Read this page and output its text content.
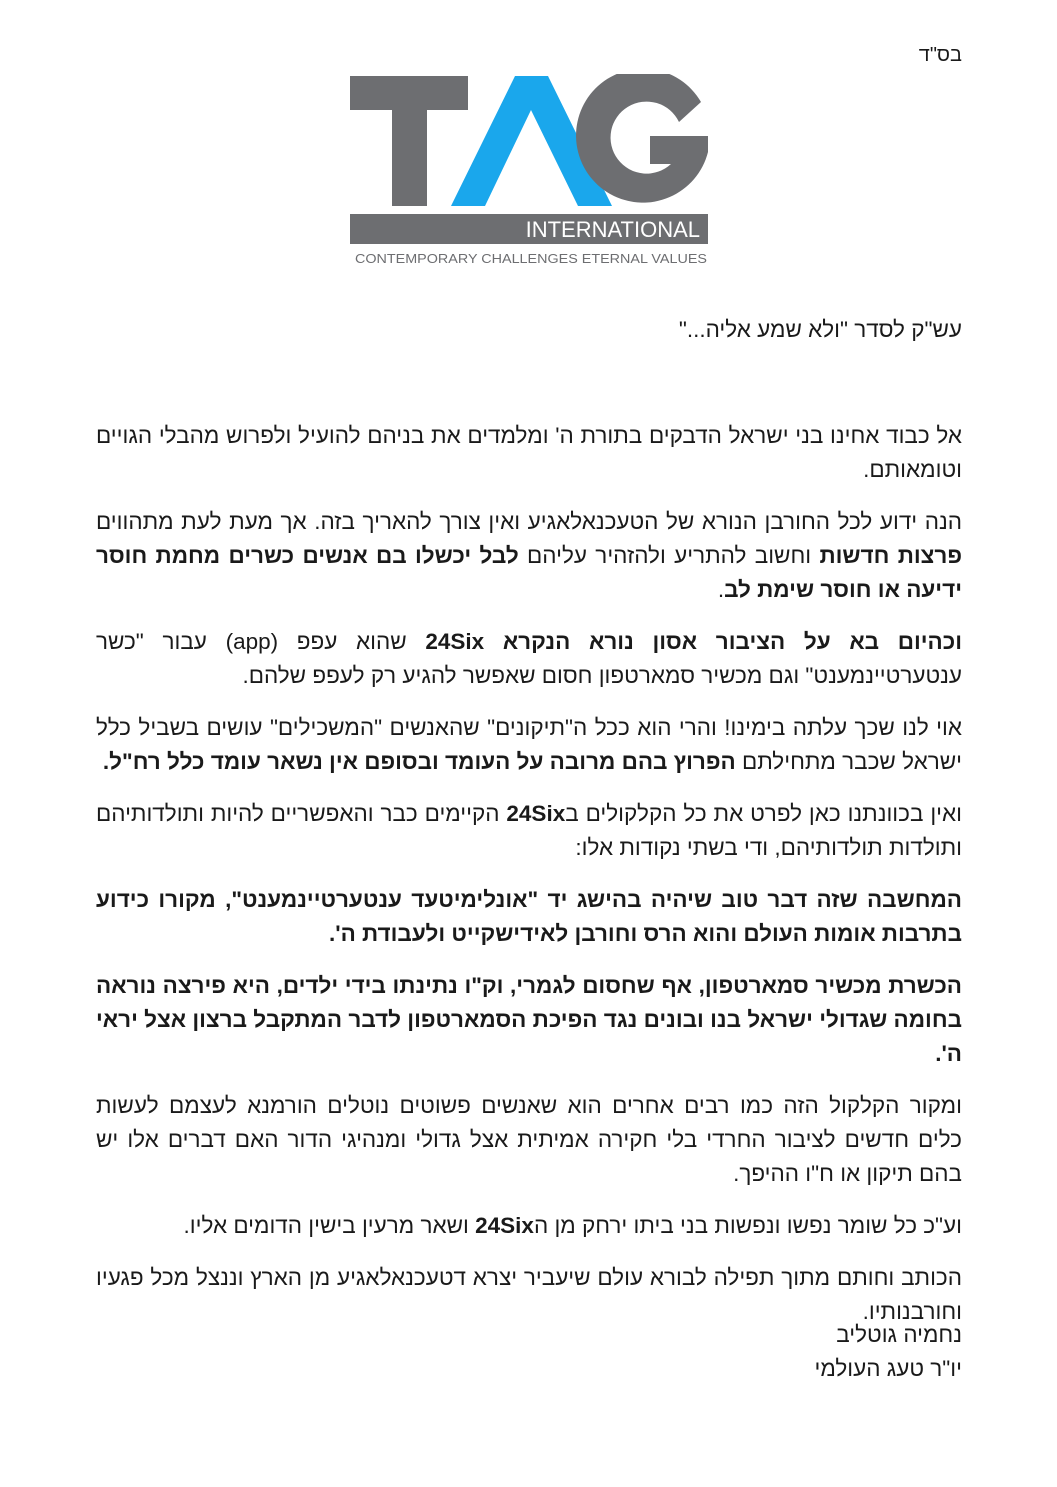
בס"ד
INTERNATIONAL
CONTEMPORARY CHALLENGES ETERNAL VALUES

עש"ק לסדר "ולא שמע אליה..."

אל כבוד אחינו בני ישראל הדבקים בתורת ה' ומלמדים את בניהם להועיל ולפרוש מהבלי הגויים וטומאותם.

הנה ידוע לכל החורבן הנורא של הטעכנאלאגיע ואין צורך להאריך בזה. אך מעת לעת מתהווים פרצות חדשות וחשוב להתריע ולהזהיר עליהם לבל יכשלו בם אנשים כשרים מחמת חוסר ידיעה או חוסר שימת לב.

וכהיום בא על הציבור אסון נורא הנקרא 24Six שהוא עפפ (app) עבור "כשר ענטערטיינמענט" וגם מכשיר סמארטפון חסום שאפשר להגיע רק לעפפ שלהם.

אוי לנו שכך עלתה בימינו! והרי הוא ככל ה"תיקונים" שהאנשים "המשכילים" עושים בשביל כלל ישראל שכבר מתחילתם הפרוץ בהם מרובה על העומד ובסופם אין נשאר עומד כלל רח"ל.

ואין בכוונתנו כאן לפרט את כל הקלקולים ב24Six הקיימים כבר והאפשריים להיות ותולדותיהם ותולדות תולדותיהם, ודי בשתי נקודות אלו:

המחשבה שזה דבר טוב שיהיה בהישג יד "אונלימיטעד ענטערטיינמענט", מקורו כידוע בתרבות אומות העולם והוא הרס וחורבן לאידישקייט ולעבודת ה'.

הכשרת מכשיר סמארטפון, אף שחסום לגמרי, וק"ו נתינתו בידי ילדים, היא פירצה נוראה בחומה שגדולי ישראל בנו ובונים נגד הפיכת הסמארטפון לדבר המתקבל ברצון אצל יראי ה'.

ומקור הקלקול הזה כמו רבים אחרים הוא שאנשים פשוטים נוטלים הורמנא לעצמם לעשות כלים חדשים לציבור החרדי בלי חקירה אמיתית אצל גדולי ומנהיגי הדור האם דברים אלו יש בהם תיקון או ח"ו ההיפך.

וע"כ כל שומר נפשו ונפשות בני ביתו ירחק מן ה24Six ושאר מרעין בישין הדומים אליו.

הכותב וחותם מתוך תפילה לבורא עולם שיעביר יצרא דטעכנאלאגיע מן הארץ וננצל מכל פגעיו וחורבנותיו.

נחמיה גוטליב
יו"ר טעג העולמי
